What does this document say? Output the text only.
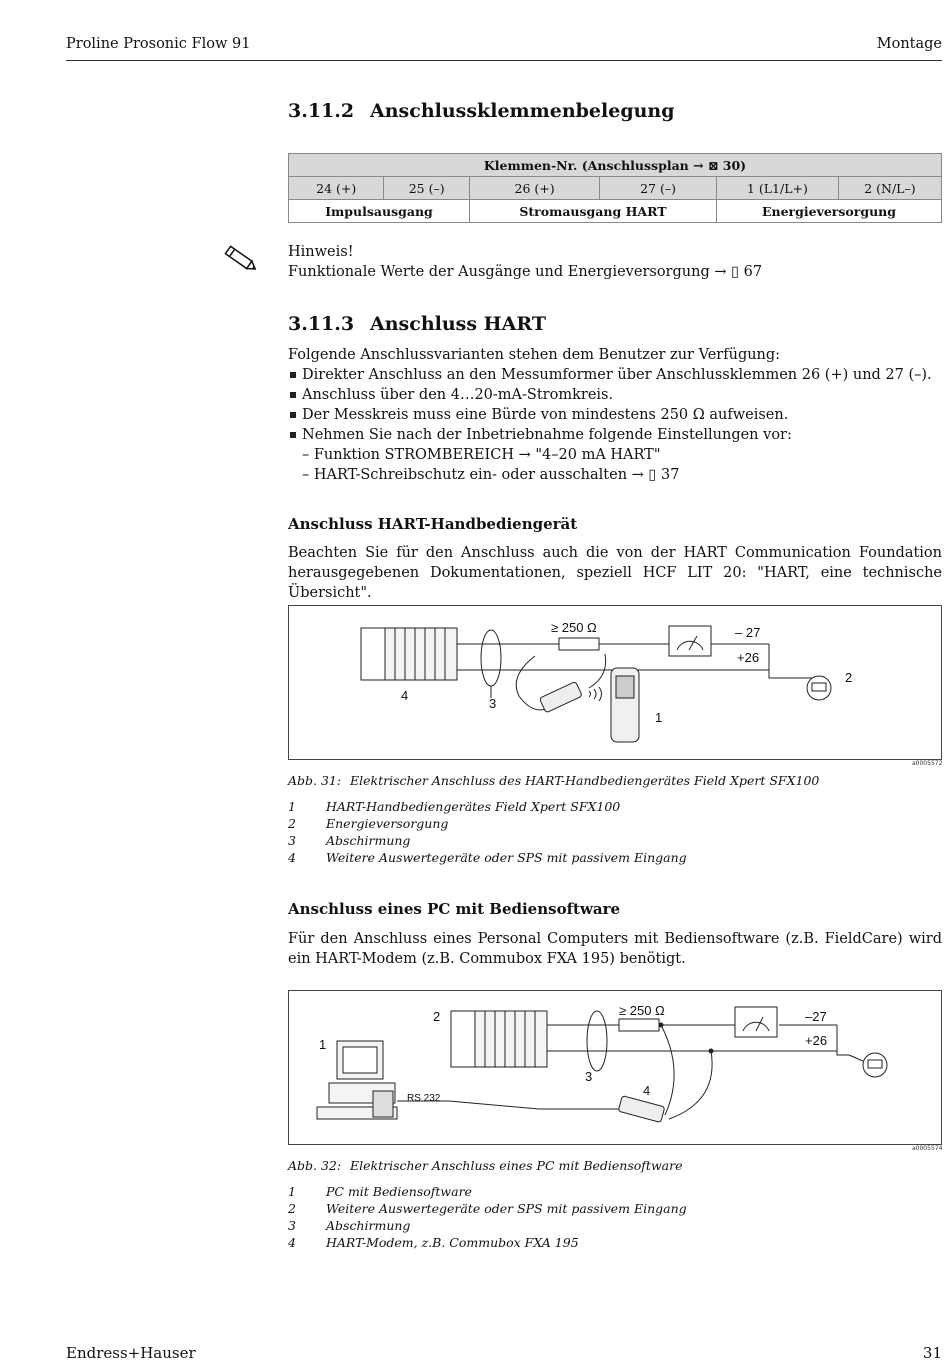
Proline Prosonic Flow 91	Montage
3.11.2 Anschlussklemmenbelegung
Klemmen-Nr. (Anschlussplan → ⊠ 30)					
24 (+)	25 (–)	26 (+)	27 (–)	1 (L1/L+)	2 (N/L–)
Impulsausgang		Stromausgang HART		Energieversorgung	
Hinweis!
Funktionale Werte der Ausgänge und Energieversorgung → ▯ 67
3.11.3 Anschluss HART
Folgende Anschlussvarianten stehen dem Benutzer zur Verfügung:
Direkter Anschluss an den Messumformer über Anschlussklemmen 26 (+) und 27 (–).
Anschluss über den 4…20-mA-Stromkreis.
Der Messkreis muss eine Bürde von mindestens 250 Ω aufweisen.
Nehmen Sie nach der Inbetriebnahme folgende Einstellungen vor:
– Funktion STROMBEREICH → "4–20 mA HART"
– HART-Schreibschutz ein- oder ausschalten → ▯ 37
Anschluss HART-Handbediengerät
Beachten Sie für den Anschluss auch die von der HART Communication Foundation herausgegebenen Dokumentationen, speziell HCF LIT 20: "HART, eine technische Übersicht".
≥ 250 Ω	– 27
+26
1
2
3
4
a0005572
Abb. 31: Elektrischer Anschluss des HART-Handbediengerätes Field Xpert SFX100
1 HART-Handbediengerätes Field Xpert SFX100
2 Energieversorgung
3 Abschirmung
4 Weitere Auswertegeräte oder SPS mit passivem Eingang
Anschluss eines PC mit Bediensoftware
Für den Anschluss eines Personal Computers mit Bediensoftware (z.B. FieldCare) wird ein HART-Modem (z.B. Commubox FXA 195) benötigt.
≥ 250 Ω	–27
+26
RS 232
1
2
3
4
a0005574
Abb. 32: Elektrischer Anschluss eines PC mit Bediensoftware
1 PC mit Bediensoftware
2 Weitere Auswertegeräte oder SPS mit passivem Eingang
3 Abschirmung
4 HART-Modem, z.B. Commubox FXA 195
Endress+Hauser	31
